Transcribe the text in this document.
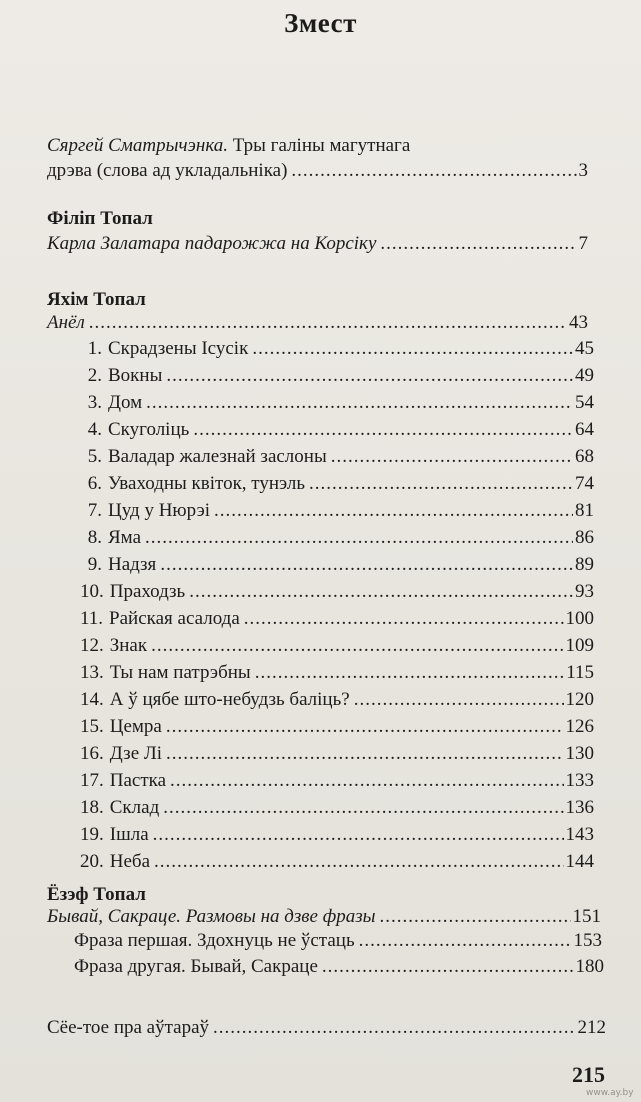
Змест
Сяргей Сматрычэнка. Тры галіны магутнага
дрэва (слова ад укладальніка) .....	3
Філіп Топал
Карла Залатара падарожжа на Корсіку .....	7
Яхім Топал
Анёл .....	43
1. Скрадзены Ісусік .....	45
2. Вокны .....	49
3. Дом .....	54
4. Скуголіць .....	64
5. Валадар жалезнай заслоны .....	68
6. Уваходны квіток, тунэль .....	74
7. Цуд у Нюрэі .....	81
8. Яма .....	86
9. Надзя .....	89
10. Праходзь .....	93
11. Райская асалода .....	100
12. Знак .....	109
13. Ты нам патрэбны .....	115
14. А ў цябе штo-небудзь баліць? .....	120
15. Цемра .....	126
16. Дзе Лі .....	130
17. Пастка .....	133
18. Склад .....	136
19. Ішла .....	143
20. Неба .....	144
Ёзэф Топал
Бывай, Сакраце. Размовы на дзве фразы .....	151
Фраза першая. Здохнуць не ўстаць .....	153
Фраза другая. Бывай, Сакраце .....	180
Сёе-тое пра аўтараў .....	212
215
www.ay.by
